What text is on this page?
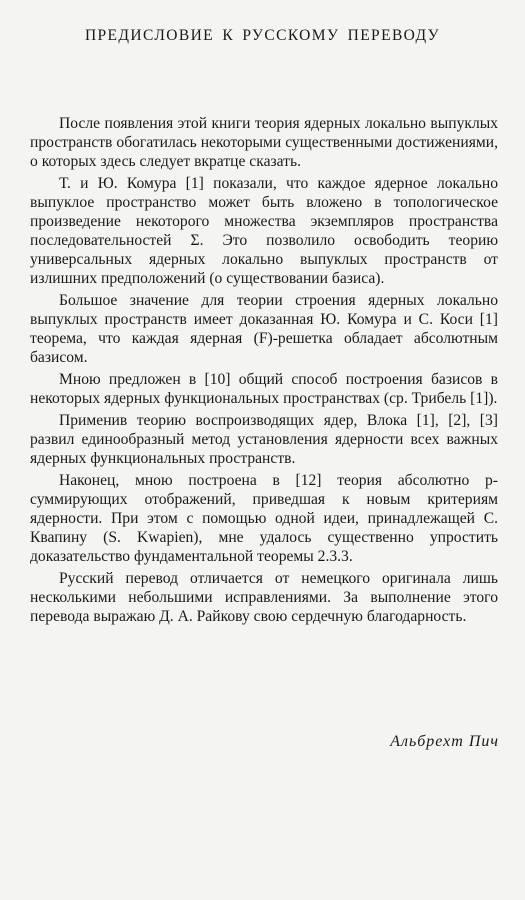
ПРЕДИСЛОВИЕ К РУССКОМУ ПЕРЕВОДУ

После появления этой книги теория ядерных локально выпуклых пространств обогатилась некоторыми существенными достижениями, о которых здесь следует вкратце сказать.

Т. и Ю. Комура [1] показали, что каждое ядерное локально выпуклое пространство может быть вложено в топологическое произведение некоторого множества экземпляров пространства последовательностей Σ. Это позволило освободить теорию универсальных ядерных локально выпуклых пространств от излишних предположений (о существовании базиса).

Большое значение для теории строения ядерных локально выпуклых пространств имеет доказанная Ю. Комура и С. Коси [1] теорема, что каждая ядерная (F)-решетка обладает абсолютным базисом.

Мною предложен в [10] общий способ построения базисов в некоторых ядерных функциональных пространствах (ср. Трибель [1]).

Применив теорию воспроизводящих ядер, Влока [1], [2], [3] развил единообразный метод установления ядерности всех важных ядерных функциональных пространств.

Наконец, мною построена в [12] теория абсолютно p-суммирующих отображений, приведшая к новым критериям ядерности. При этом с помощью одной идеи, принадлежащей С. Квапину (S. Kwapien), мне удалось существенно упростить доказательство фундаментальной теоремы 2.3.3.

Русский перевод отличается от немецкого оригинала лишь несколькими небольшими исправлениями. За выполнение этого перевода выражаю Д. А. Райкову свою сердечную благодарность.

Альбрехт Пич
